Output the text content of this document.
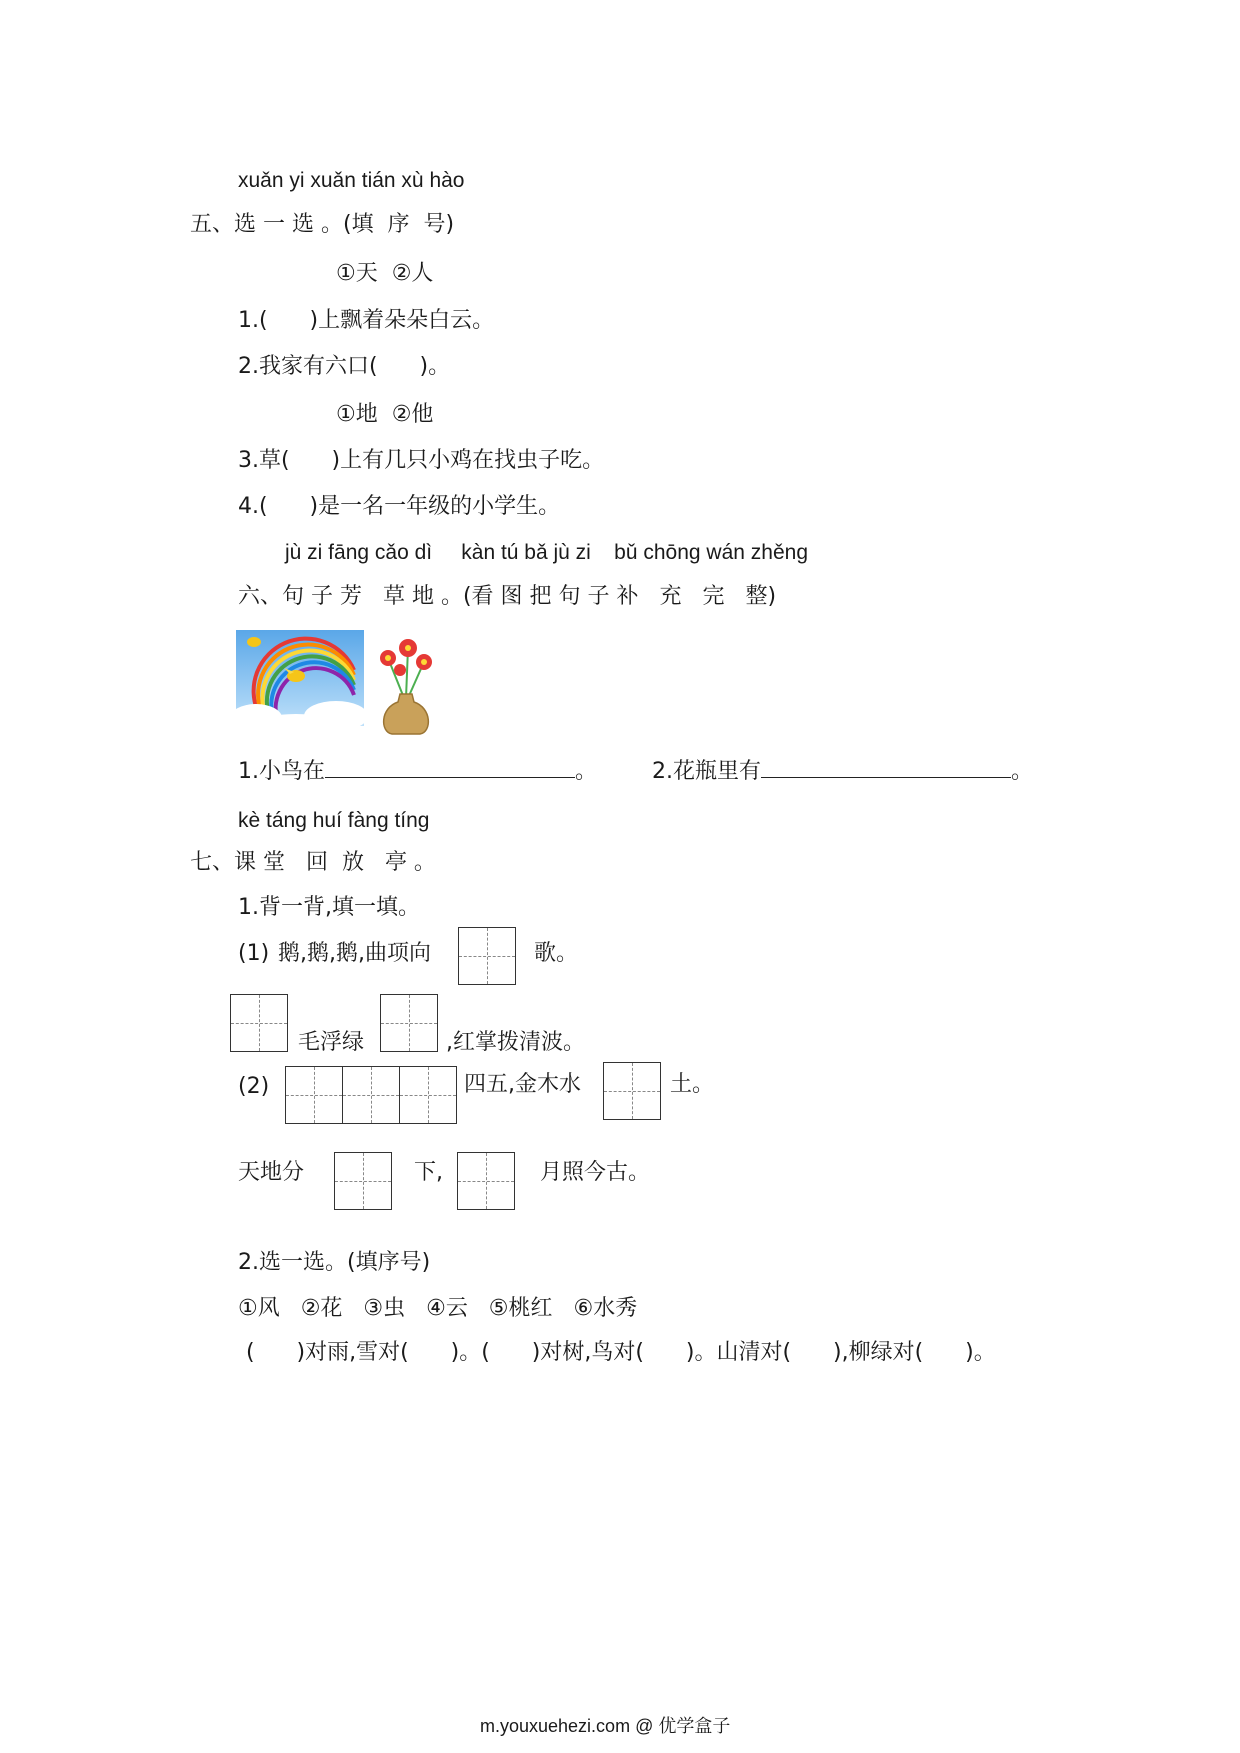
xuǎn yi xuǎn tián xù hào
五、选 一 选 。(填  序  号)
①天  ②人
1.(      )上飘着朵朵白云。
2.我家有六口(      )。
①地  ②他
3.草(      )上有几只小鸡在找虫子吃。
4.(      )是一名一年级的小学生。
jù zi fāng cǎo dì     kàn tú bǎ jù zi    bǔ chōng wán zhěng
六、句 子 芳   草 地 。(看 图 把 句 子 补   充   完   整)
1.小鸟在	。 2.花瓶里有	。
kè táng huí fàng tíng
七、课 堂   回  放   亭 。
1.背一背,填一填。
(1) 鹅,鹅,鹅,曲项向	歌。
毛浮绿	,红掌拨清波。
(2)	四五,金木水	土。
天地分	下,	月照今古。
2.选一选。(填序号)
①风   ②花   ③虫   ④云   ⑤桃红   ⑥水秀
(      )对雨,雪对(      )。(      )对树,鸟对(      )。山清对(      ),柳绿对(      )。
m.youxuehezi.com @ 优学盒子
